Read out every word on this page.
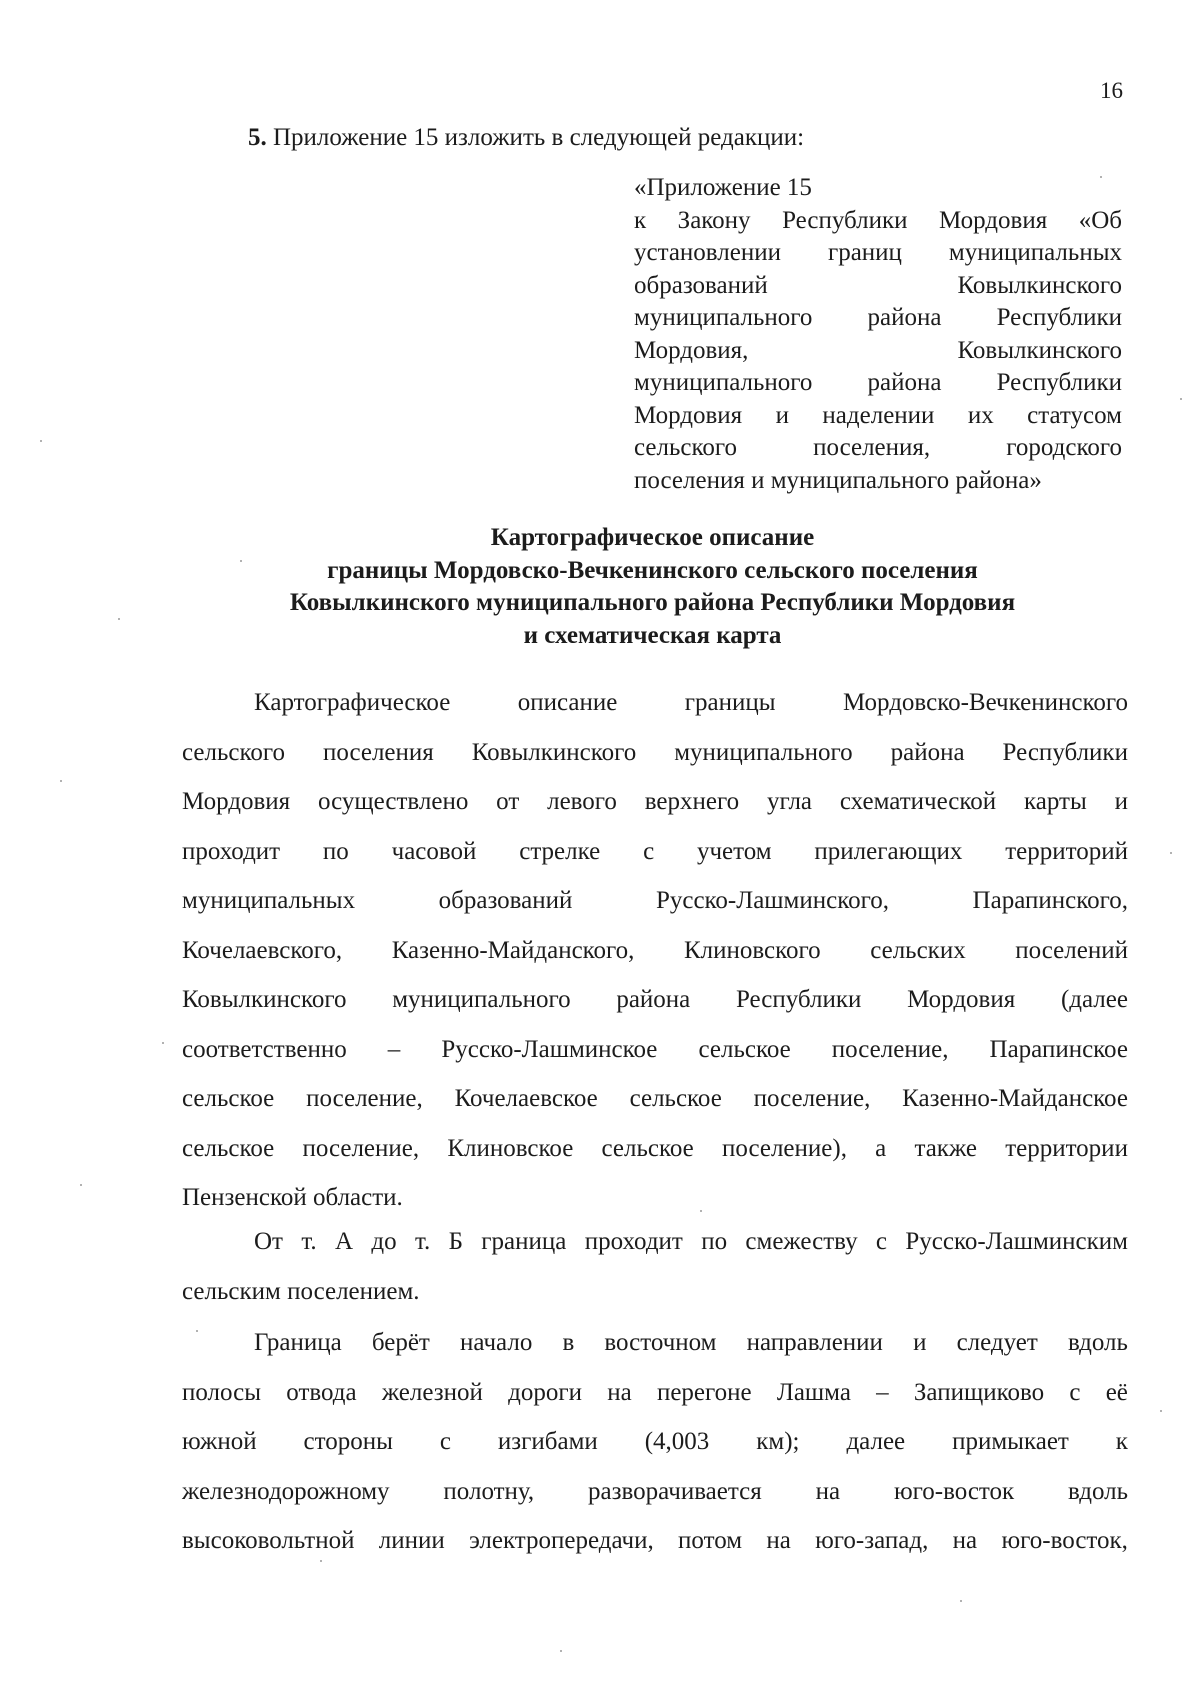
16
5. Приложение 15 изложить в следующей редакции:
«Приложение 15
к Закону Республики Мордовия «Об
установлении границ муниципальных
образований	Ковылкинского
муниципального района Республики
Мордовия,	Ковылкинского
муниципального района Республики
Мордовия и наделении их статусом
сельского	поселения,	городского
поселения и муниципального района»
Картографическое описание
границы Мордовско-Вечкенинского сельского поселения
Ковылкинского муниципального района Республики Мордовия
и схематическая карта
Картографическое	описание	границы	Мордовско-Вечкенинского
сельского поселения Ковылкинского муниципального района Республики
Мордовия осуществлено от левого верхнего угла схематической карты и
проходит по часовой стрелке с учетом прилегающих территорий
муниципальных	образований	Русско-Лашминского,	Парапинского,
Кочелаевского, Казенно-Майданского, Клиновского сельских поселений
Ковылкинского муниципального района Республики Мордовия (далее
соответственно – Русско-Лашминское сельское поселение, Парапинское
сельское поселение, Кочелаевское сельское поселение, Казенно-Майданское
сельское поселение, Клиновское сельское поселение), а также территории
Пензенской области.
От т. А до т. Б граница проходит по смежеству с Русско-Лашминским
сельским поселением.
Граница берёт начало в восточном направлении и следует вдоль
полосы отвода железной дороги на перегоне Лашма – Запищиково с её
южной стороны с изгибами (4,003 км); далее примыкает к
железнодорожному полотну, разворачивается на юго-восток вдоль
высоковольтной линии электропередачи, потом на юго-запад, на юго-восток,
